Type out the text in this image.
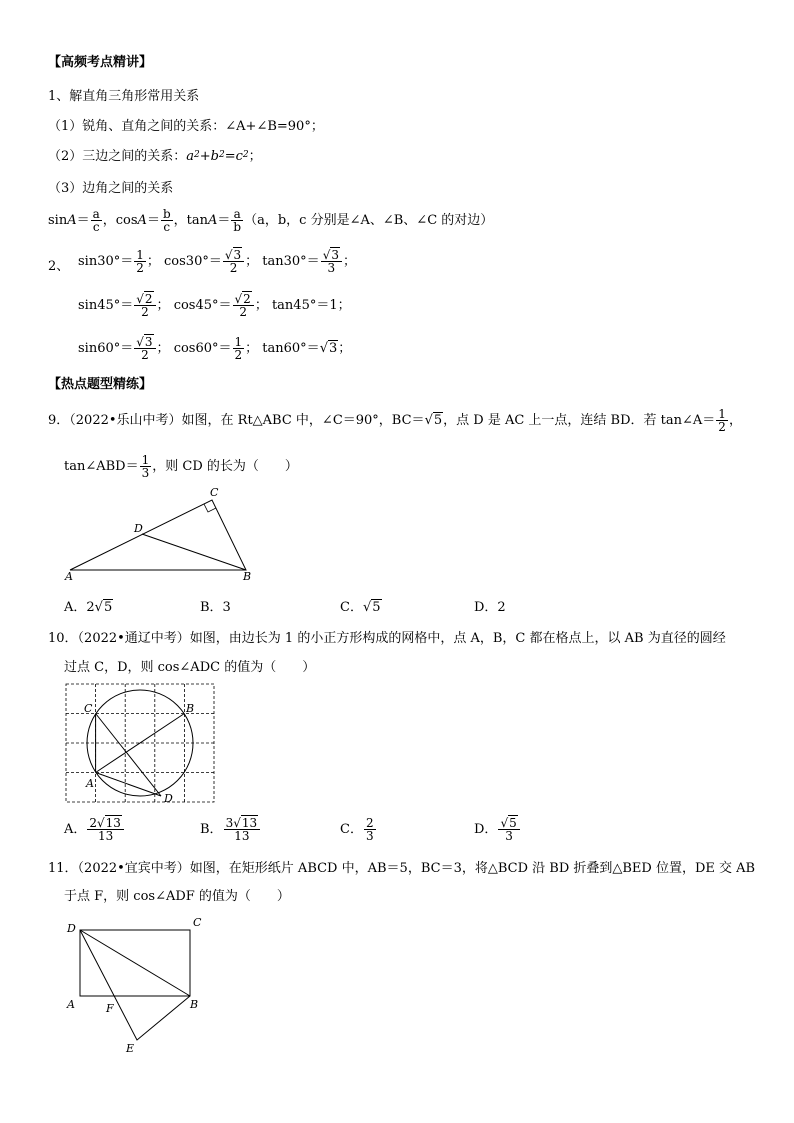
【高频考点精讲】
1、解直角三角形常用关系
（1）锐角、直角之间的关系：∠A+∠B=90°；
（2）三边之间的关系：$a^2+b^2=c^2$；
（3）边角之间的关系
$\sin A= \frac{a}{c}$ ，$\cos A= \frac{b}{c}$ ，$\tan A= \frac{a}{b} (a$，b，c 分别是∠A、∠B、∠C 的对边）
2、 $\sin 30^\circ= \frac{1}{2}$ ； $\cos 30^\circ= \frac{√3}{2}$ ； $\tan 30^\circ= \frac{√3}{3}$ ；
$\sin 45^\circ= \frac{√2}{2}$ ； $\cos 45^\circ= \frac{√2}{2}$ ； tan45°＝1；
$\sin 60^\circ= \frac{√3}{2}$ ； $\cos 60^\circ= \frac{1}{2}$ ； tan60°＝√3；
【热点题型精练】
9．（2022•乐山中考）如图，在 Rt△ABC 中，∠C＝90°，BC＝√5，点 D 是 AC 上一点，连结 BD．若 tan∠A＝ $\frac{1}{2}$ ，
tan∠ABD＝ $\frac{1}{3}$ ，则 CD 的长为（　　）
A	B
C
D
A．2√5	B．3	C．√5	D．2
10．（2022•通辽中考）如图，由边长为 1 的小正方形构成的网格中，点 A，B，C 都在格点上，以 AB 为直径的圆经
过点 C，D，则 cos∠ADC 的值为（　　）
C	B
A
D
A． $\frac{2√13}{13}$	B． $\frac{3√13}{13}$	C． $\frac{2}{3}$	D． $\frac{√5}{3}$
11．（2022•宜宾中考）如图，在矩形纸片 ABCD 中，AB＝5，BC＝3，将△BCD 沿 BD 折叠到△BED 位置，DE 交 AB
于点 F，则 cos∠ADF 的值为（　　）
D	C
A	B
F
E
